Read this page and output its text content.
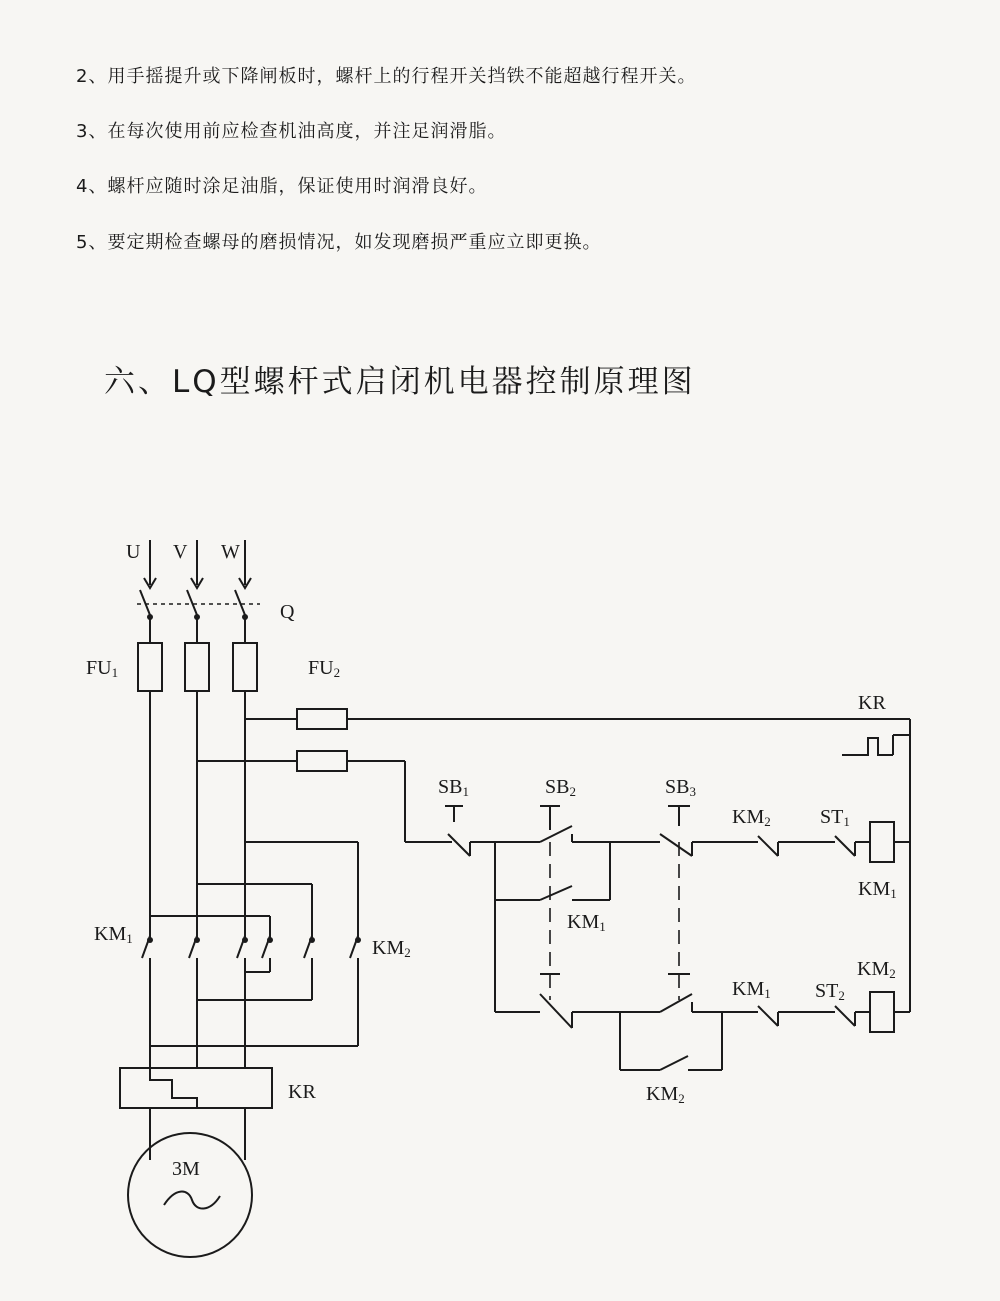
2、用手摇提升或下降闸板时，螺杆上的行程开关挡铁不能超越行程开关。
3、在每次使用前应检查机油高度，并注足润滑脂。
4、螺杆应随时涂足油脂，保证使用时润滑良好。
5、要定期检查螺母的磨损情况，如发现磨损严重应立即更换。
六、LQ型螺杆式启闭机电器控制原理图
U V W
Q
FU1	FU2
KR
SB1	SB2
KM1
SB3
KM2 ST1
KM1
KM2
KM1 ST2
KM2
KM1	KM2
KR
3M
